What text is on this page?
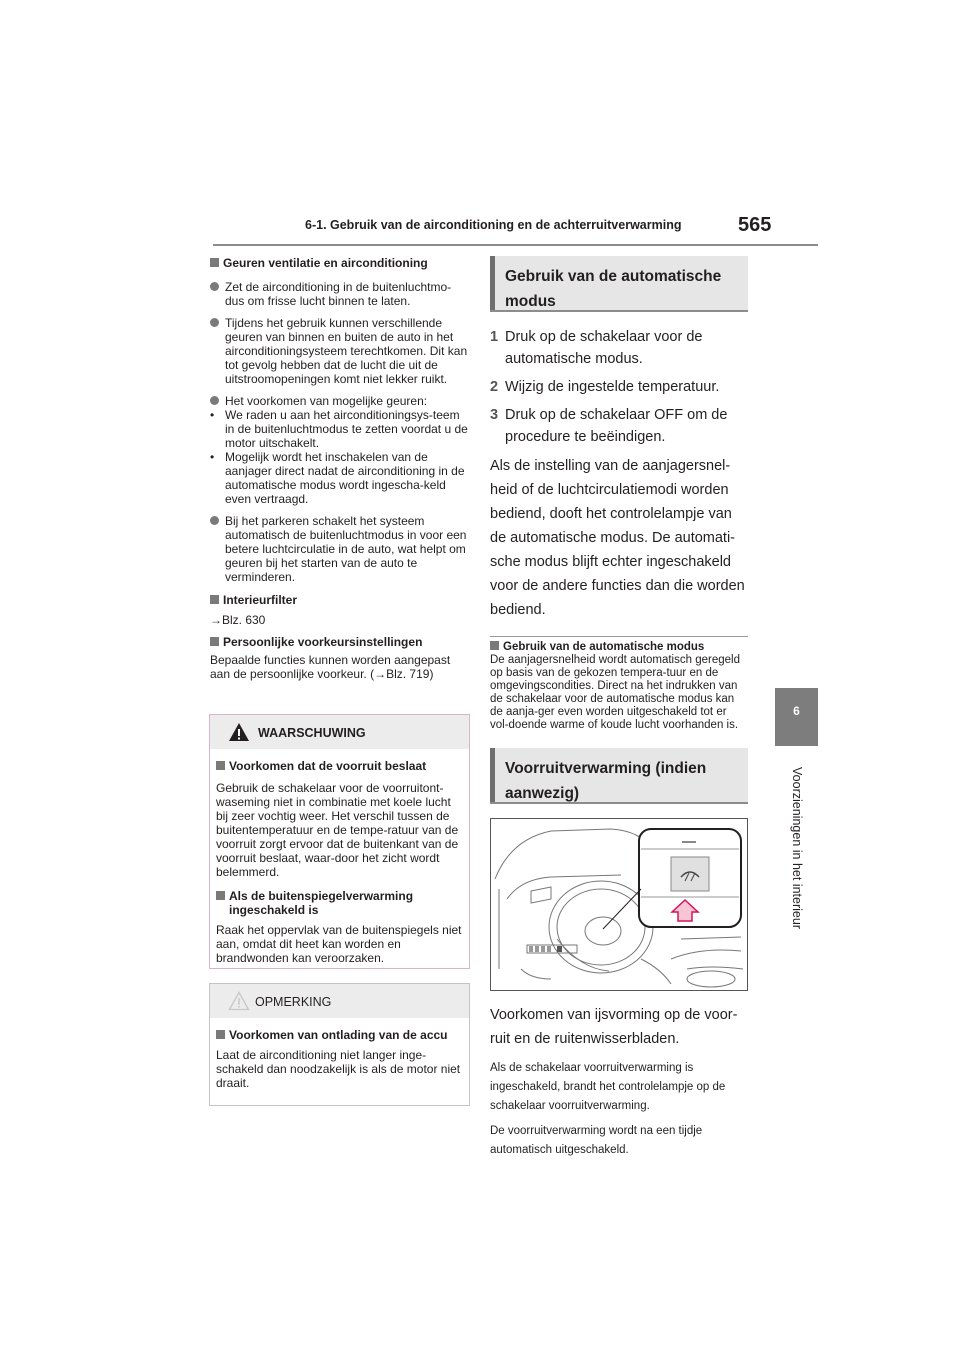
6-1. Gebruik van de airconditioning en de achterruitverwarming	565
6
Voorzieningen in het interieur

Geuren ventilatie en airconditioning

Zet de airconditioning in de buitenluchtmo-dus om frisse lucht binnen te laten.
Tijdens het gebruik kunnen verschillende geuren van binnen en buiten de auto in het airconditioningsysteem terechtkomen. Dit kan tot gevolg hebben dat de lucht die uit de uitstroomopeningen komt niet lekker ruikt.
Het voorkomen van mogelijke geuren:
• We raden u aan het airconditioningsys-teem in de buitenluchtmodus te zetten voordat u de motor uitschakelt.
• Mogelijk wordt het inschakelen van de aanjager direct nadat de airconditioning in de automatische modus wordt ingescha-keld even vertraagd.
Bij het parkeren schakelt het systeem automatisch de buitenluchtmodus in voor een betere luchtcirculatie in de auto, wat helpt om geuren bij het starten van de auto te verminderen.

Interieurfilter

→Blz. 630

Persoonlijke voorkeursinstellingen

Bepaalde functies kunnen worden aangepast aan de persoonlijke voorkeur. (→Blz. 719)

WAARSCHUWING

Voorkomen dat de voorruit beslaat

Gebruik de schakelaar voor de voorruitont-waseming niet in combinatie met koele lucht bij zeer vochtig weer. Het verschil tussen de buitentemperatuur en de tempe-ratuur van de voorruit zorgt ervoor dat de buitenkant van de voorruit beslaat, waar-door het zicht wordt belemmerd.

Als de buitenspiegelverwarming ingeschakeld is

Raak het oppervlak van de buitenspiegels niet aan, omdat dit heet kan worden en brandwonden kan veroorzaken.

OPMERKING

Voorkomen van ontlading van de accu

Laat de airconditioning niet langer inge-schakeld dan noodzakelijk is als de motor niet draait.

Gebruik van de automatische modus
1 Druk op de schakelaar voor de automatische modus.
2 Wijzig de ingestelde temperatuur.
3 Druk op de schakelaar OFF om de procedure te beëindigen.

Als de instelling van de aanjagersnel-heid of de luchtcirculatiemodi worden bediend, dooft het controlelampje van de automatische modus. De automati-sche modus blijft echter ingeschakeld voor de andere functies dan die worden bediend.

Gebruik van de automatische modus

De aanjagersnelheid wordt automatisch geregeld op basis van de gekozen tempera-tuur en de omgevingscondities. Direct na het indrukken van de schakelaar voor de automatische modus kan de aanja-ger even worden uitgeschakeld tot er vol-doende warme of koude lucht voorhanden is.

Voorruitverwarming (indien aanwezig)

Voorkomen van ijsvorming op de voor-ruit en de ruitenwisserbladen.

Als de schakelaar voorruitverwarming is ingeschakeld, brandt het controlelampje op de schakelaar voorruitverwarming.

De voorruitverwarming wordt na een tijdje automatisch uitgeschakeld.
